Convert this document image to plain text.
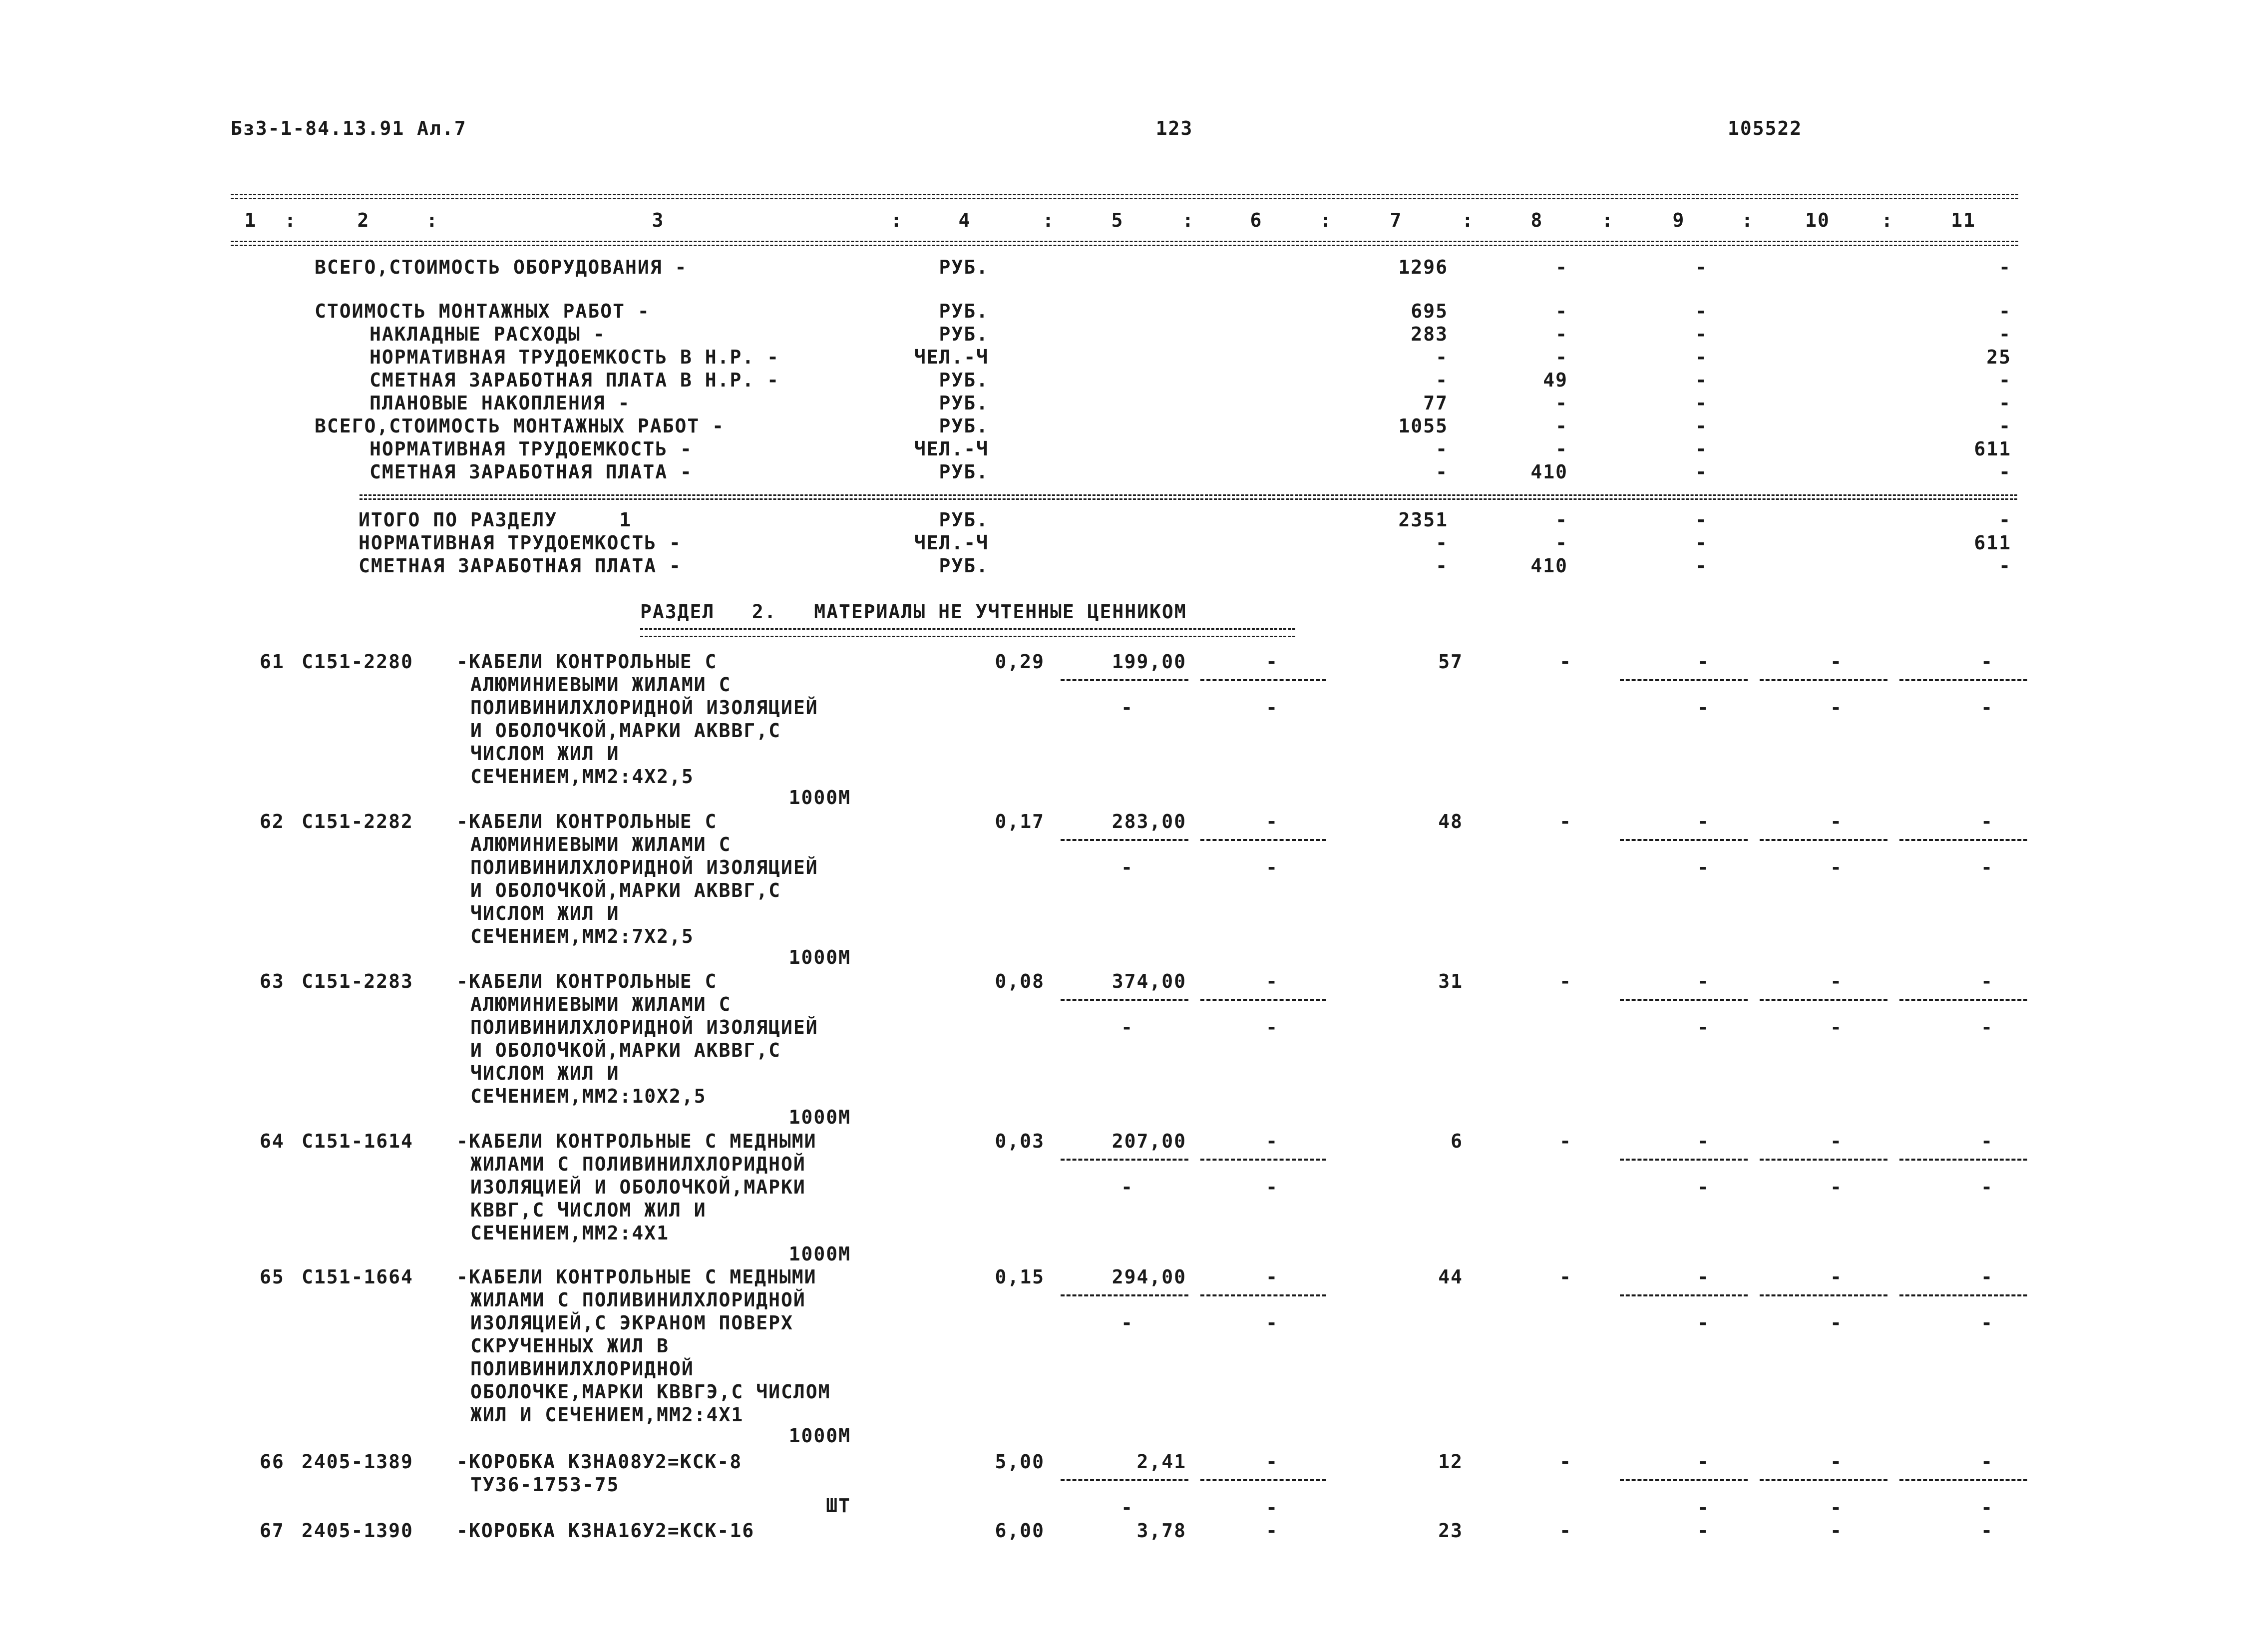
Бз3-1-84.13.91 Ал.7	123	105522
1 :	2	:	3	:	4	:	5	:	6	:	7	:	8	:	9	:	10	:	11
ВСЕГО,СТОИМОСТЬ ОБОРУДОВАНИЯ -	РУБ.	1296	-	-	-
СТОИМОСТЬ МОНТАЖНЫХ РАБОТ -	РУБ.	695	-	-	-
НАКЛАДНЫЕ РАСХОДЫ -	РУБ.	283	-	-	-
НОРМАТИВНАЯ ТРУДОЕМКОСТЬ В Н.Р. -	ЧЕЛ.-Ч	-	-	-	25
СМЕТНАЯ ЗАРАБОТНАЯ ПЛАТА В Н.Р. -	РУБ.	-	49	-	-
ПЛАНОВЫЕ НАКОПЛЕНИЯ -	РУБ.	77	-	-	-
ВСЕГО,СТОИМОСТЬ МОНТАЖНЫХ РАБОТ -	РУБ.	1055	-	-	-
НОРМАТИВНАЯ ТРУДОЕМКОСТЬ -	ЧЕЛ.-Ч	-	-	-	611
СМЕТНАЯ ЗАРАБОТНАЯ ПЛАТА -	РУБ.	-	410	-	-
ИТОГО ПО РАЗДЕЛУ     1	РУБ.	2351	-	-	-
НОРМАТИВНАЯ ТРУДОЕМКОСТЬ -	ЧЕЛ.-Ч	-	-	-	611
СМЕТНАЯ ЗАРАБОТНАЯ ПЛАТА -	РУБ.	-	410	-	-
РАЗДЕЛ   2.   МАТЕРИАЛЫ НЕ УЧТЕННЫЕ ЦЕННИКОМ
61 С151-2280 -КАБЕЛИ КОНТРОЛЬНЫЕ С
АЛЮМИНИЕВЫМИ ЖИЛАМИ С
ПОЛИВИНИЛХЛОРИДНОЙ ИЗОЛЯЦИЕЙ
И ОБОЛОЧКОЙ,МАРКИ АКВВГ,С
ЧИСЛОМ ЖИЛ И
СЕЧЕНИЕМ,ММ2:4Х2,5
1000М
0,29	199,00	-	57	-	-	-	-
-	-	-	-	-
62 С151-2282 -КАБЕЛИ КОНТРОЛЬНЫЕ С
АЛЮМИНИЕВЫМИ ЖИЛАМИ С
ПОЛИВИНИЛХЛОРИДНОЙ ИЗОЛЯЦИЕЙ
И ОБОЛОЧКОЙ,МАРКИ АКВВГ,С
ЧИСЛОМ ЖИЛ И
СЕЧЕНИЕМ,ММ2:7Х2,5
1000М
0,17	283,00	-	48	-	-	-	-
-	-	-	-	-
63 С151-2283 -КАБЕЛИ КОНТРОЛЬНЫЕ С
АЛЮМИНИЕВЫМИ ЖИЛАМИ С
ПОЛИВИНИЛХЛОРИДНОЙ ИЗОЛЯЦИЕЙ
И ОБОЛОЧКОЙ,МАРКИ АКВВГ,С
ЧИСЛОМ ЖИЛ И
СЕЧЕНИЕМ,ММ2:10Х2,5
1000М
0,08	374,00	-	31	-	-	-	-
-	-	-	-	-
64 С151-1614 -КАБЕЛИ КОНТРОЛЬНЫЕ С МЕДНЫМИ
ЖИЛАМИ С ПОЛИВИНИЛХЛОРИДНОЙ
ИЗОЛЯЦИЕЙ И ОБОЛОЧКОЙ,МАРКИ
КВВГ,С ЧИСЛОМ ЖИЛ И
СЕЧЕНИЕМ,ММ2:4Х1
1000М
0,03	207,00	-	6	-	-	-	-
-	-	-	-	-
65 С151-1664 -КАБЕЛИ КОНТРОЛЬНЫЕ С МЕДНЫМИ
ЖИЛАМИ С ПОЛИВИНИЛХЛОРИДНОЙ
ИЗОЛЯЦИЕЙ,С ЭКРАНОМ ПОВЕРХ
СКРУЧЕННЫХ ЖИЛ В
ПОЛИВИНИЛХЛОРИДНОЙ
ОБОЛОЧКЕ,МАРКИ КВВГЭ,С ЧИСЛОМ
ЖИЛ И СЕЧЕНИЕМ,ММ2:4Х1
1000М
0,15	294,00	-	44	-	-	-	-
-	-	-	-	-
66 2405-1389 -КОРОБКА КЗНА08У2=КСК-8
ТУ36-1753-75
ШТ
5,00	2,41	-	12	-	-	-	-
-	-	-	-	-
67 2405-1390 -КОРОБКА КЗНА16У2=КСК-16	6,00	3,78	-	23	-	-	-	-
